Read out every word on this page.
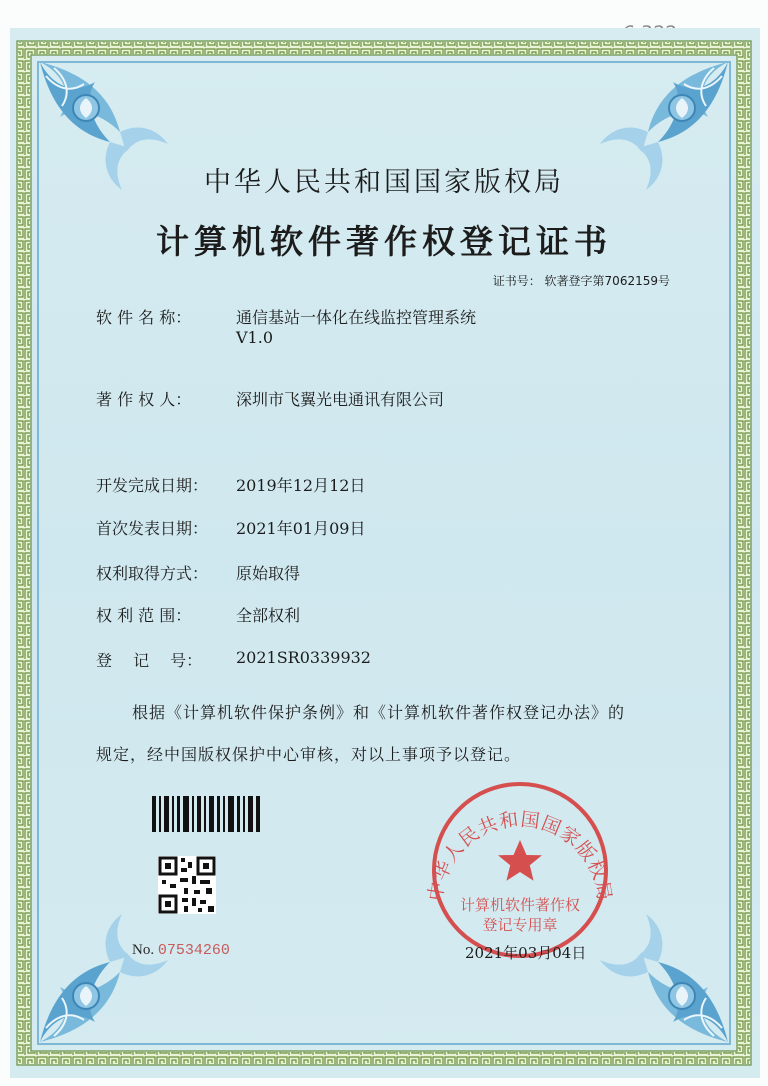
中华人民共和国国家版权局
计算机软件著作权
登记专用章
中华人民共和国国家版权局
计算机软件著作权登记证书
证书号： 软著登字第7062159号
软 件 名 称：	通信基站一体化在线监控管理系统
V1.0
著 作 权 人：	深圳市飞翼光电通讯有限公司
开发完成日期： 2019年12月12日
首次发表日期： 2021年01月09日
权利取得方式： 原始取得
权 利 范 围：	全部权利
登　 记　 号： 2021SR0339932
根据《计算机软件保护条例》和《计算机软件著作权登记办法》的
规定，经中国版权保护中心审核，对以上事项予以登记。
No. 07534260	2021年03月04日
